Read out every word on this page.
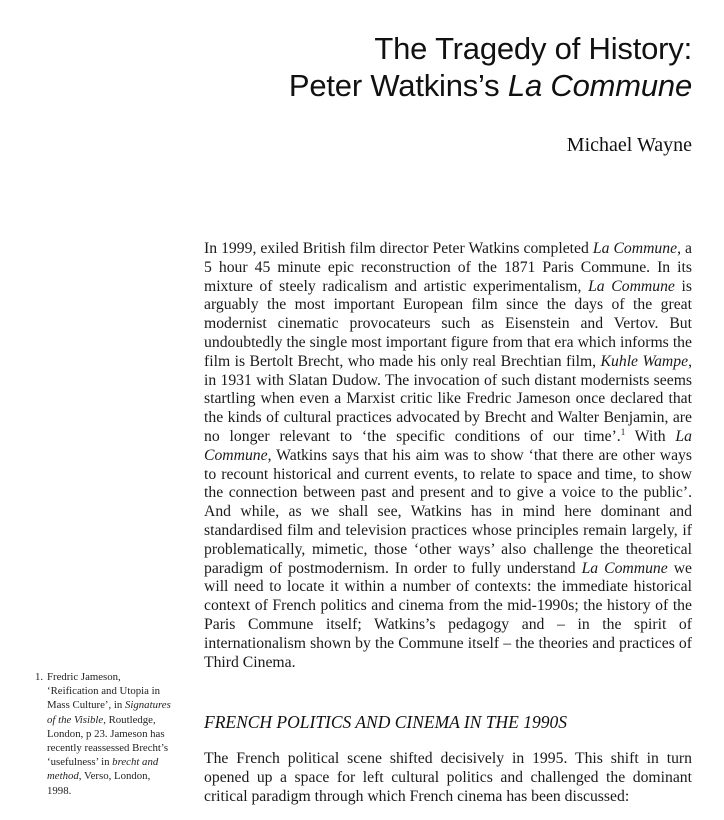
The Tragedy of History:
Peter Watkins’s La Commune
Michael Wayne
In 1999, exiled British film director Peter Watkins completed La Commune, a 5 hour 45 minute epic reconstruction of the 1871 Paris Commune. In its mixture of steely radicalism and artistic experimentalism, La Commune is arguably the most important European film since the days of the great modernist cinematic provocateurs such as Eisenstein and Vertov. But undoubtedly the single most important figure from that era which informs the film is Bertolt Brecht, who made his only real Brechtian film, Kuhle Wampe, in 1931 with Slatan Dudow. The invocation of such distant modernists seems startling when even a Marxist critic like Fredric Jameson once declared that the kinds of cultural practices advocated by Brecht and Walter Benjamin, are no longer relevant to ‘the specific conditions of our time’.$^1$ With La Commune, Watkins says that his aim was to show ‘that there are other ways to recount historical and current events, to relate to space and time, to show the connection between past and present and to give a voice to the public’. And while, as we shall see, Watkins has in mind here dominant and standardised film and television practices whose principles remain largely, if problematically, mimetic, those ‘other ways’ also challenge the theoretical paradigm of postmodernism. In order to fully understand La Commune we will need to locate it within a number of contexts: the immediate historical context of French politics and cinema from the mid-1990s; the history of the Paris Commune itself; Watkins’s pedagogy and – in the spirit of internationalism shown by the Commune itself – the theories and practices of Third Cinema.
1. Fredric Jameson, ‘Reification and Utopia in Mass Culture’, in Signatures of the Visible, Routledge, London, p 23. Jameson has recently reassessed Brecht’s ‘usefulness’ in brecht and method, Verso, London, 1998.
FRENCH POLITICS AND CINEMA IN THE 1990S
The French political scene shifted decisively in 1995. This shift in turn opened up a space for left cultural politics and challenged the dominant critical paradigm through which French cinema has been discussed:
